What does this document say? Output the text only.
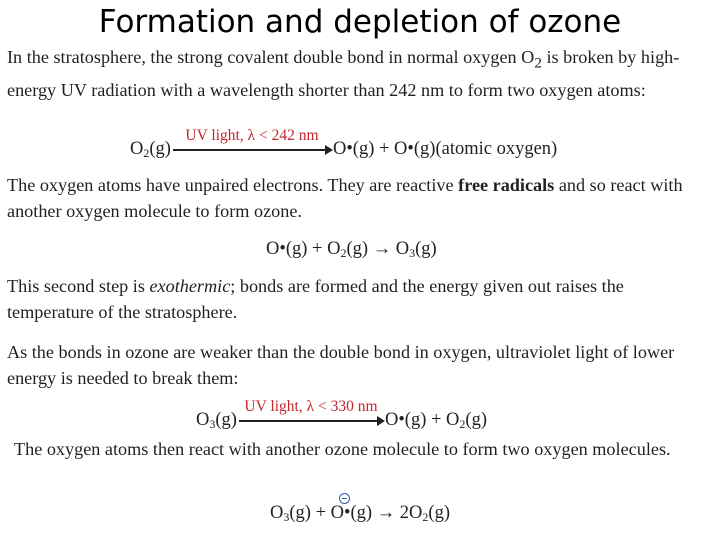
Formation and depletion of ozone

In the stratosphere, the strong covalent double bond in normal oxygen $O_2$ is broken by high-energy UV radiation with a wavelength shorter than 242 nm to form two oxygen atoms:

$O_2(g)$
UV light, λ < 242 nm
O•(g) + O•(g)(atomic oxygen)

The oxygen atoms have unpaired electrons. They are reactive free radicals and so react with another oxygen molecule to form ozone.

O•(g) + $O_2(g) \to O_3(g)$

This second step is exothermic; bonds are formed and the energy given out raises the temperature of the stratosphere.

As the bonds in ozone are weaker than the double bond in oxygen, ultraviolet light of lower energy is needed to break them:

$O_3(g)$
UV light, λ < 330 nm
O•(g) + $O_2(g)$

The oxygen atoms then react with another ozone molecule to form two oxygen molecules.

$O_3(g)$ + O•(g) → $2O_2(g)$
